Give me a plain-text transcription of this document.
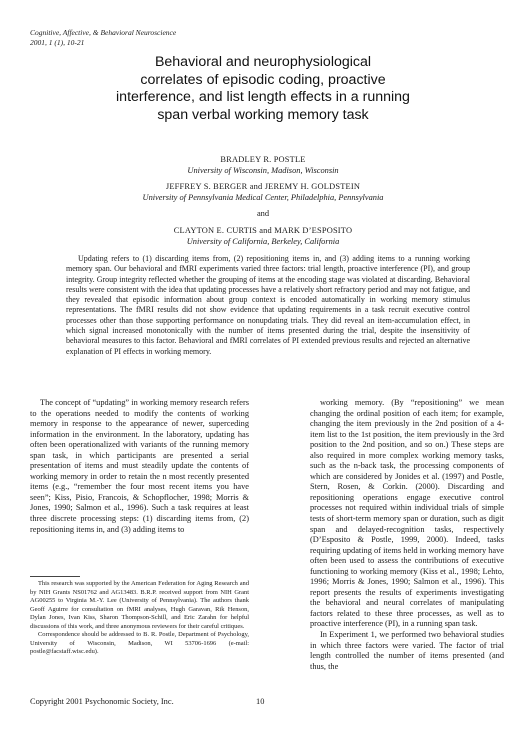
Cognitive, Affective, & Behavioral Neuroscience
2001, 1 (1), 10-21
Behavioral and neurophysiological
correlates of episodic coding, proactive
interference, and list length effects in a running
span verbal working memory task
BRADLEY R. POSTLE
University of Wisconsin, Madison, Wisconsin
JEFFREY S. BERGER and JEREMY H. GOLDSTEIN
University of Pennsylvania Medical Center, Philadelphia, Pennsylvania
and
CLAYTON E. CURTIS and MARK D’ESPOSITO
University of California, Berkeley, California

Updating refers to (1) discarding items from, (2) repositioning items in, and (3) adding items to a running working memory span. Our behavioral and fMRI experiments varied three factors: trial length, proactive interference (PI), and group integrity. Group integrity reflected whether the grouping of items at the encoding stage was violated at discarding. Behavioral results were consistent with the idea that updating processes have a relatively short refractory period and may not fatigue, and they revealed that episodic information about group context is encoded automatically in working memory stimulus representations. The fMRI results did not show evidence that updating requirements in a task recruit executive control processes other than those supporting performance on nonupdating trials. They did reveal an item-accumulation effect, in which signal increased monotonically with the number of items presented during the trial, despite the insensitivity of behavioral measures to this factor. Behavioral and fMRI correlates of PI extended previous results and rejected an alternative explanation of PI effects in working memory.

The concept of “updating” in working memory research refers to the operations needed to modify the contents of working memory in response to the appearance of newer, superceding information in the environment. In the laboratory, updating has often been operationalized with variants of the running memory span task, in which participants are presented a serial presentation of items and must steadily update the contents of working memory in order to retain the n most recently presented items (e.g., “remember the four most recent items you have seen”; Kiss, Pisio, Francois, & Schopflocher, 1998; Morris & Jones, 1990; Salmon et al., 1996). Such a task requires at least three discrete processing steps: (1) discarding items from, (2) repositioning items in, and (3) adding items to

This research was supported by the American Federation for Aging Research and by NIH Grants NS01762 and AG13483. B.R.P. received support from NIH Grant AG00255 to Virginia M.-Y. Lee (University of Pennsylvania). The authors thank Geoff Aguirre for consultation on fMRI analyses, Hugh Garavan, Rik Henson, Dylan Jones, Ivan Kiss, Sharon Thompson-Schill, and Eric Zarahn for helpful discussions of this work, and three anonymous reviewers for their careful critiques.

Correspondence should be addressed to B. R. Postle, Department of Psychology, University of Wisconsin, Madison, WI 53706-1696 (e-mail: postle@facstaff.wisc.edu).

working memory. (By “repositioning” we mean changing the ordinal position of each item; for example, changing the item previously in the 2nd position of a 4-item list to the 1st position, the item previously in the 3rd position to the 2nd position, and so on.) These steps are also required in more complex working memory tasks, such as the n-back task, the processing components of which are considered by Jonides et al. (1997) and Postle, Stern, Rosen, & Corkin. (2000). Discarding and repositioning operations engage executive control processes not required within individual trials of simple tests of short-term memory span or duration, such as digit span and delayed-recognition tasks, respectively (D’Esposito & Postle, 1999, 2000). Indeed, tasks requiring updating of items held in working memory have often been used to assess the contributions of executive functioning to working memory (Kiss et al., 1998; Lehto, 1996; Morris & Jones, 1990; Salmon et al., 1996). This report presents the results of experiments investigating the behavioral and neural correlates of manipulating factors related to these three processes, as well as to proactive interference (PI), in a running span task.

In Experiment 1, we performed two behavioral studies in which three factors were varied. The factor of trial length controlled the number of items presented (and thus, the

Copyright 2001 Psychonomic Society, Inc.	10
